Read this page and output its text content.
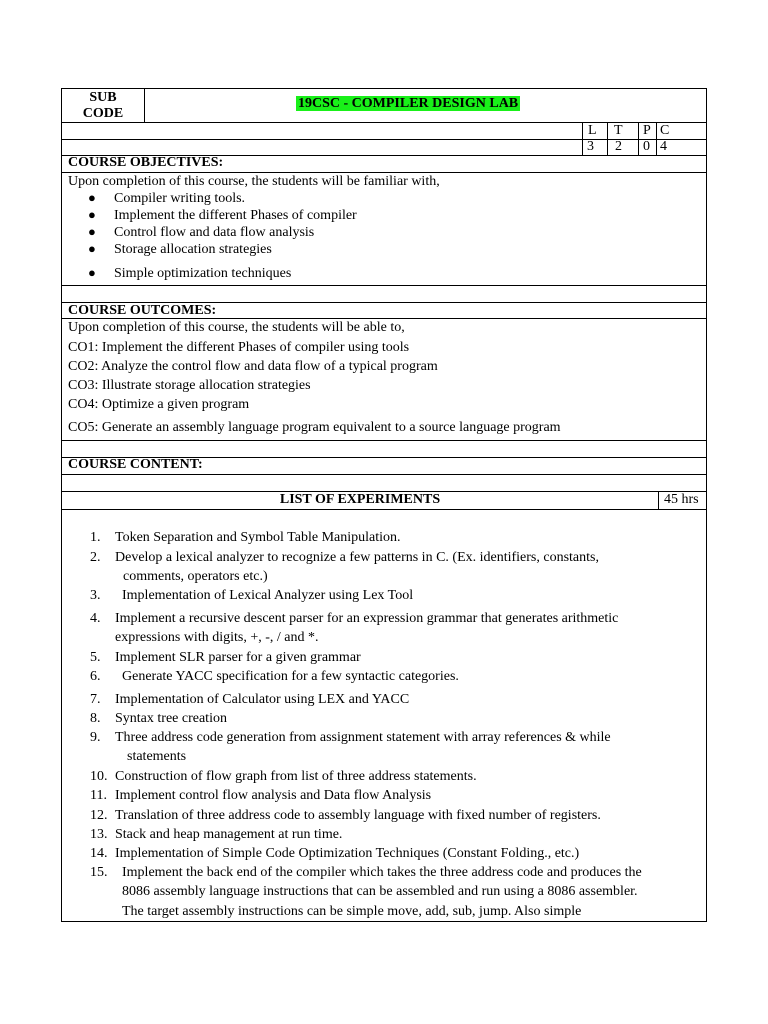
SUB
CODE
19CSC - COMPILER DESIGN LAB
L T P C
3 2 0 4
COURSE OBJECTIVES:
Upon completion of this course, the students will be familiar with,
● Compiler writing tools.
● Implement the different Phases of compiler
● Control flow and data flow analysis
● Storage allocation strategies
● Simple optimization techniques
COURSE OUTCOMES:
Upon completion of this course, the students will be able to,
CO1: Implement the different Phases of compiler using tools
CO2: Analyze the control flow and data flow of a typical program
CO3: Illustrate storage allocation strategies
CO4: Optimize a given program
CO5: Generate an assembly language program equivalent to a source language program
COURSE CONTENT:
LIST OF EXPERIMENTS	45 hrs
1. Token Separation and Symbol Table Manipulation.
2. Develop a lexical analyzer to recognize a few patterns in C. (Ex. identifiers, constants,
comments, operators etc.)
3. Implementation of Lexical Analyzer using Lex Tool
4. Implement a recursive descent parser for an expression grammar that generates arithmetic
expressions with digits, +, -, / and *.
5. Implement SLR parser for a given grammar
6. Generate YACC specification for a few syntactic categories.
7. Implementation of Calculator using LEX and YACC
8. Syntax tree creation
9. Three address code generation from assignment statement with array references & while
statements
10. Construction of flow graph from list of three address statements.
11. Implement control flow analysis and Data flow Analysis
12. Translation of three address code to assembly language with fixed number of registers.
13. Stack and heap management at run time.
14. Implementation of Simple Code Optimization Techniques (Constant Folding., etc.)
15. Implement the back end of the compiler which takes the three address code and produces the
8086 assembly language instructions that can be assembled and run using a 8086 assembler.
The target assembly instructions can be simple move, add, sub, jump. Also simple
